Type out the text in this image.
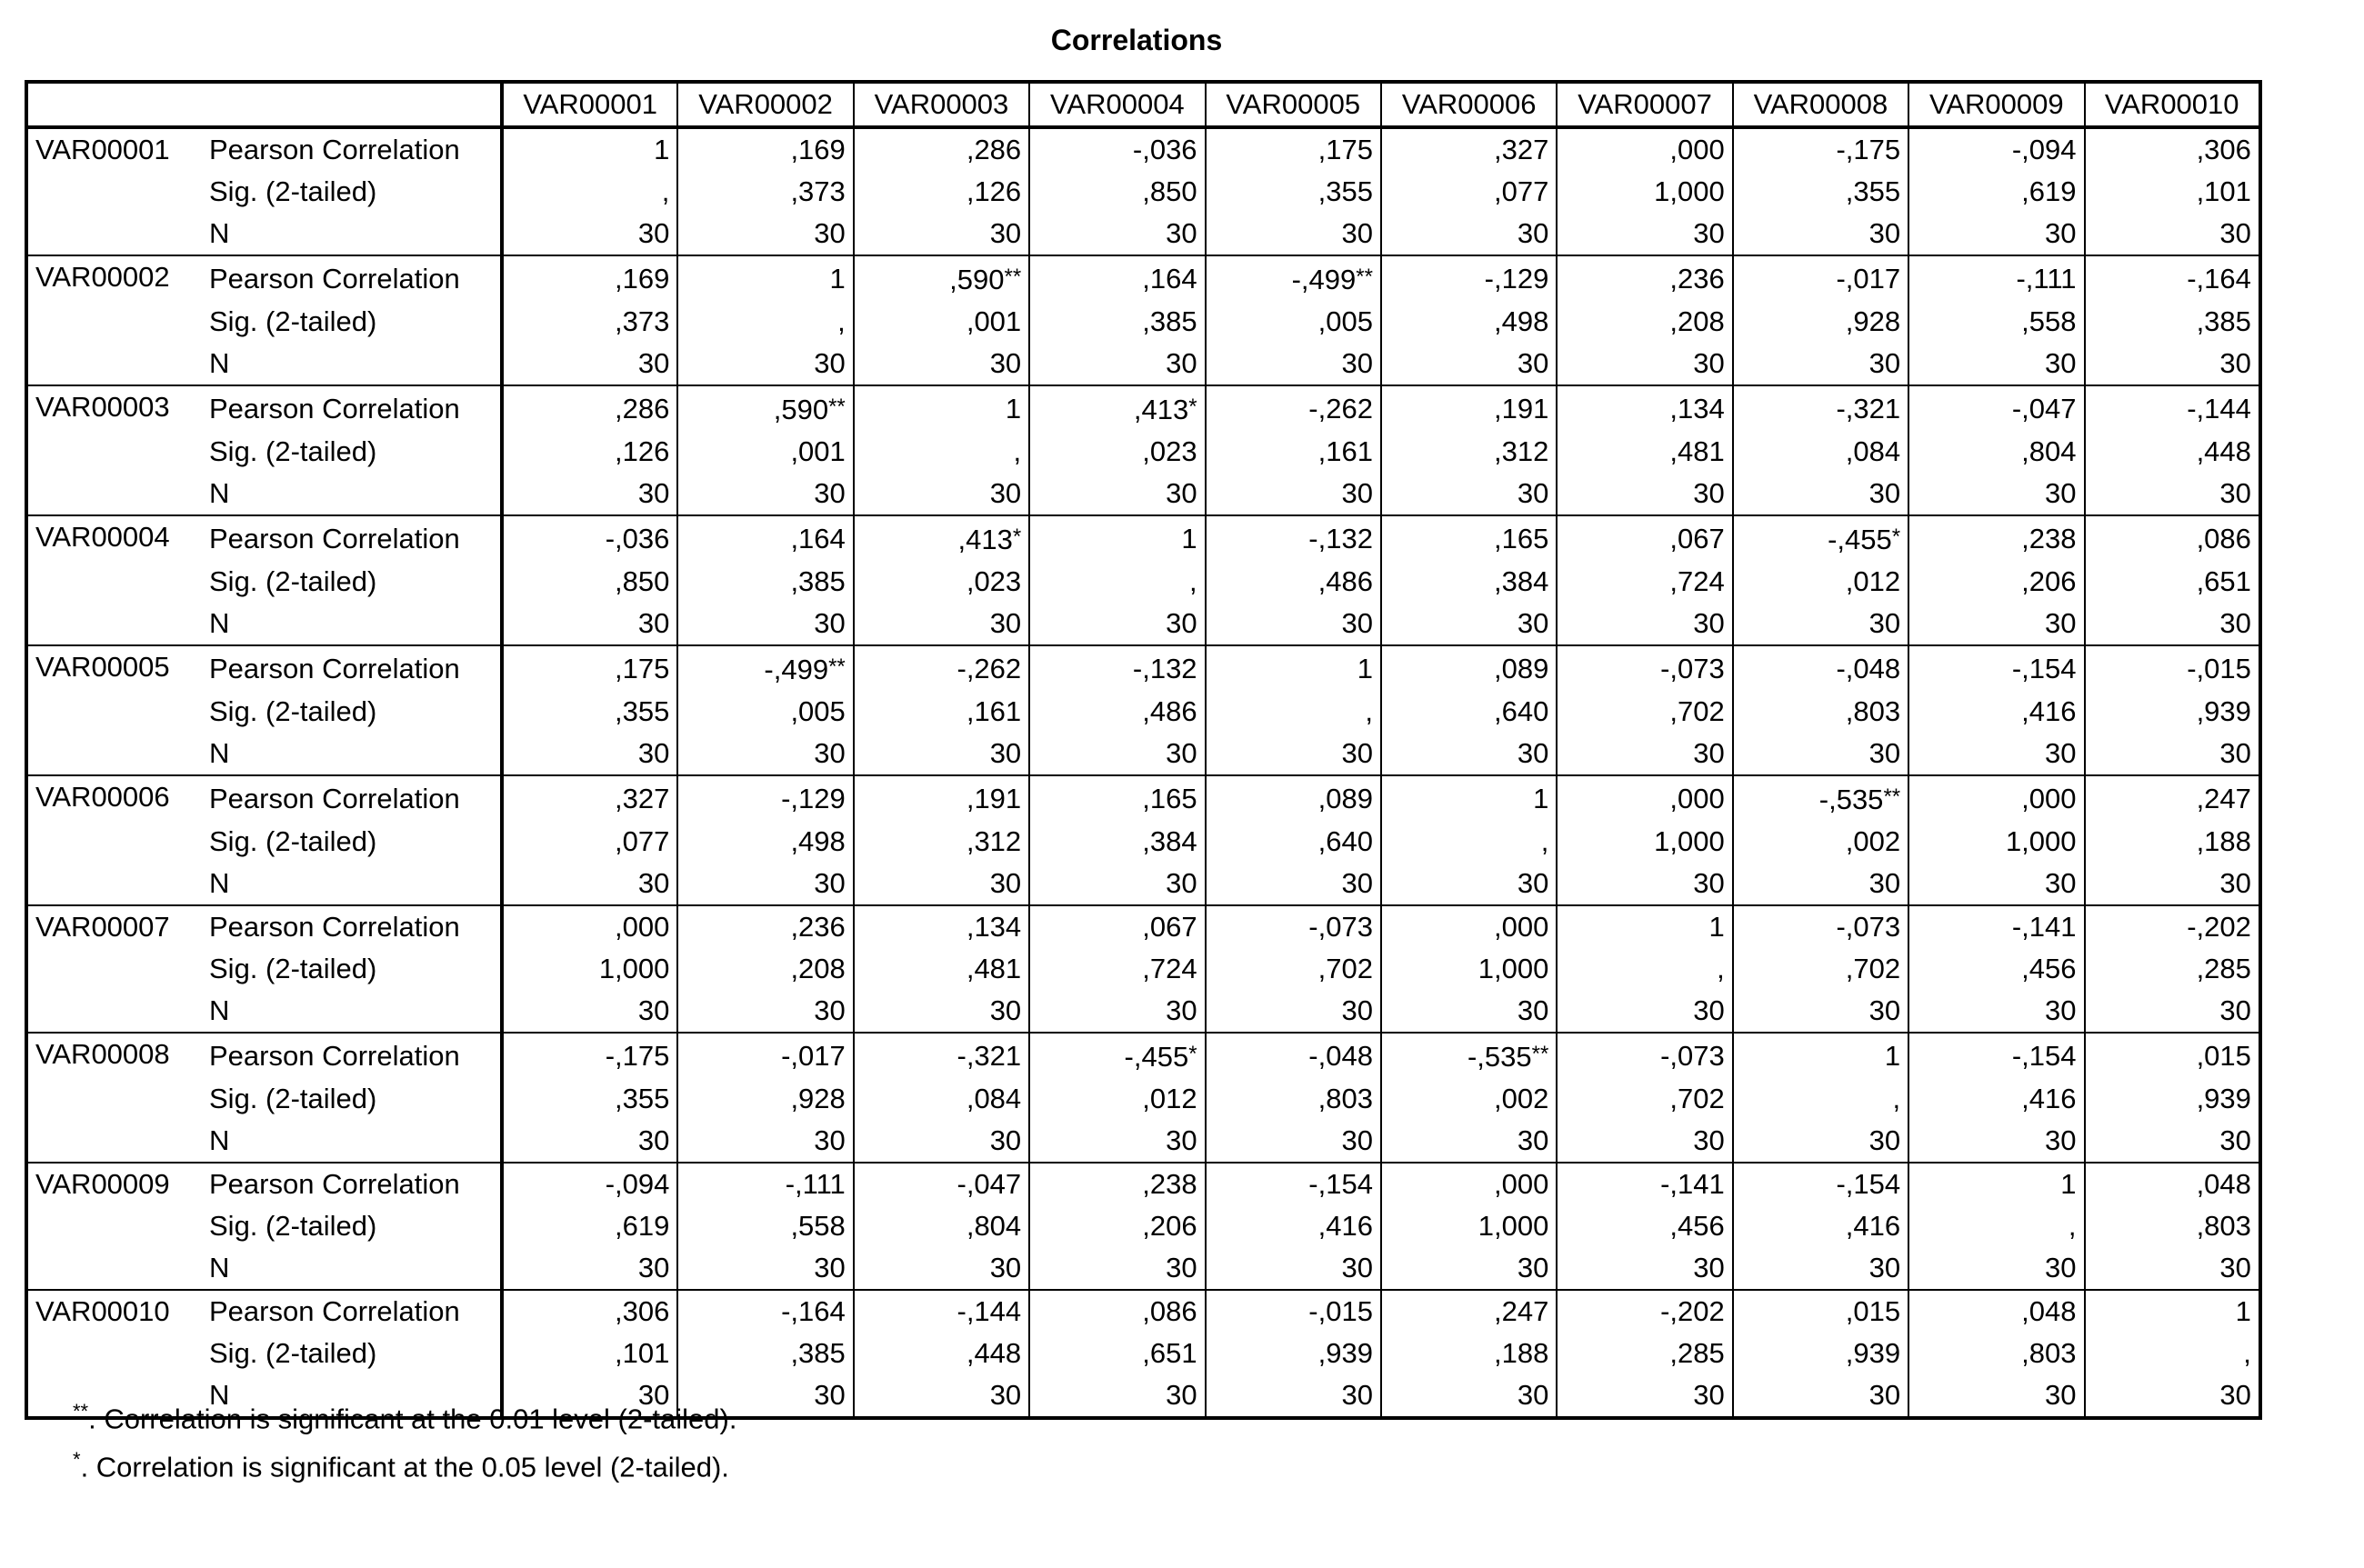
Correlations
		VAR00001	VAR00002	VAR00003	VAR00004	VAR00005	VAR00006	VAR00007	VAR00008	VAR00009	VAR00010
VAR00001	Pearson Correlation	1	,169	,286	-,036	,175	,327	,000	-,175	-,094	,306
	Sig. (2-tailed)	,	,373	,126	,850	,355	,077	1,000	,355	,619	,101
	N	30	30	30	30	30	30	30	30	30	30
VAR00002	Pearson Correlation	,169	1	,590**	,164	-,499**	-,129	,236	-,017	-,111	-,164
	Sig. (2-tailed)	,373	,	,001	,385	,005	,498	,208	,928	,558	,385
	N	30	30	30	30	30	30	30	30	30	30
VAR00003	Pearson Correlation	,286	,590**	1	,413*	-,262	,191	,134	-,321	-,047	-,144
	Sig. (2-tailed)	,126	,001	,	,023	,161	,312	,481	,084	,804	,448
	N	30	30	30	30	30	30	30	30	30	30
VAR00004	Pearson Correlation	-,036	,164	,413*	1	-,132	,165	,067	-,455*	,238	,086
	Sig. (2-tailed)	,850	,385	,023	,	,486	,384	,724	,012	,206	,651
	N	30	30	30	30	30	30	30	30	30	30
VAR00005	Pearson Correlation	,175	-,499**	-,262	-,132	1	,089	-,073	-,048	-,154	-,015
	Sig. (2-tailed)	,355	,005	,161	,486	,	,640	,702	,803	,416	,939
	N	30	30	30	30	30	30	30	30	30	30
VAR00006	Pearson Correlation	,327	-,129	,191	,165	,089	1	,000	-,535**	,000	,247
	Sig. (2-tailed)	,077	,498	,312	,384	,640	,	1,000	,002	1,000	,188
	N	30	30	30	30	30	30	30	30	30	30
VAR00007	Pearson Correlation	,000	,236	,134	,067	-,073	,000	1	-,073	-,141	-,202
	Sig. (2-tailed)	1,000	,208	,481	,724	,702	1,000	,	,702	,456	,285
	N	30	30	30	30	30	30	30	30	30	30
VAR00008	Pearson Correlation	-,175	-,017	-,321	-,455*	-,048	-,535**	-,073	1	-,154	,015
	Sig. (2-tailed)	,355	,928	,084	,012	,803	,002	,702	,	,416	,939
	N	30	30	30	30	30	30	30	30	30	30
VAR00009	Pearson Correlation	-,094	-,111	-,047	,238	-,154	,000	-,141	-,154	1	,048
	Sig. (2-tailed)	,619	,558	,804	,206	,416	1,000	,456	,416	,	,803
	N	30	30	30	30	30	30	30	30	30	30
VAR00010	Pearson Correlation	,306	-,164	-,144	,086	-,015	,247	-,202	,015	,048	1
	Sig. (2-tailed)	,101	,385	,448	,651	,939	,188	,285	,939	,803	,
	N	30	30	30	30	30	30	30	30	30	30
**. Correlation is significant at the 0.01 level (2-tailed).
*. Correlation is significant at the 0.05 level (2-tailed).
